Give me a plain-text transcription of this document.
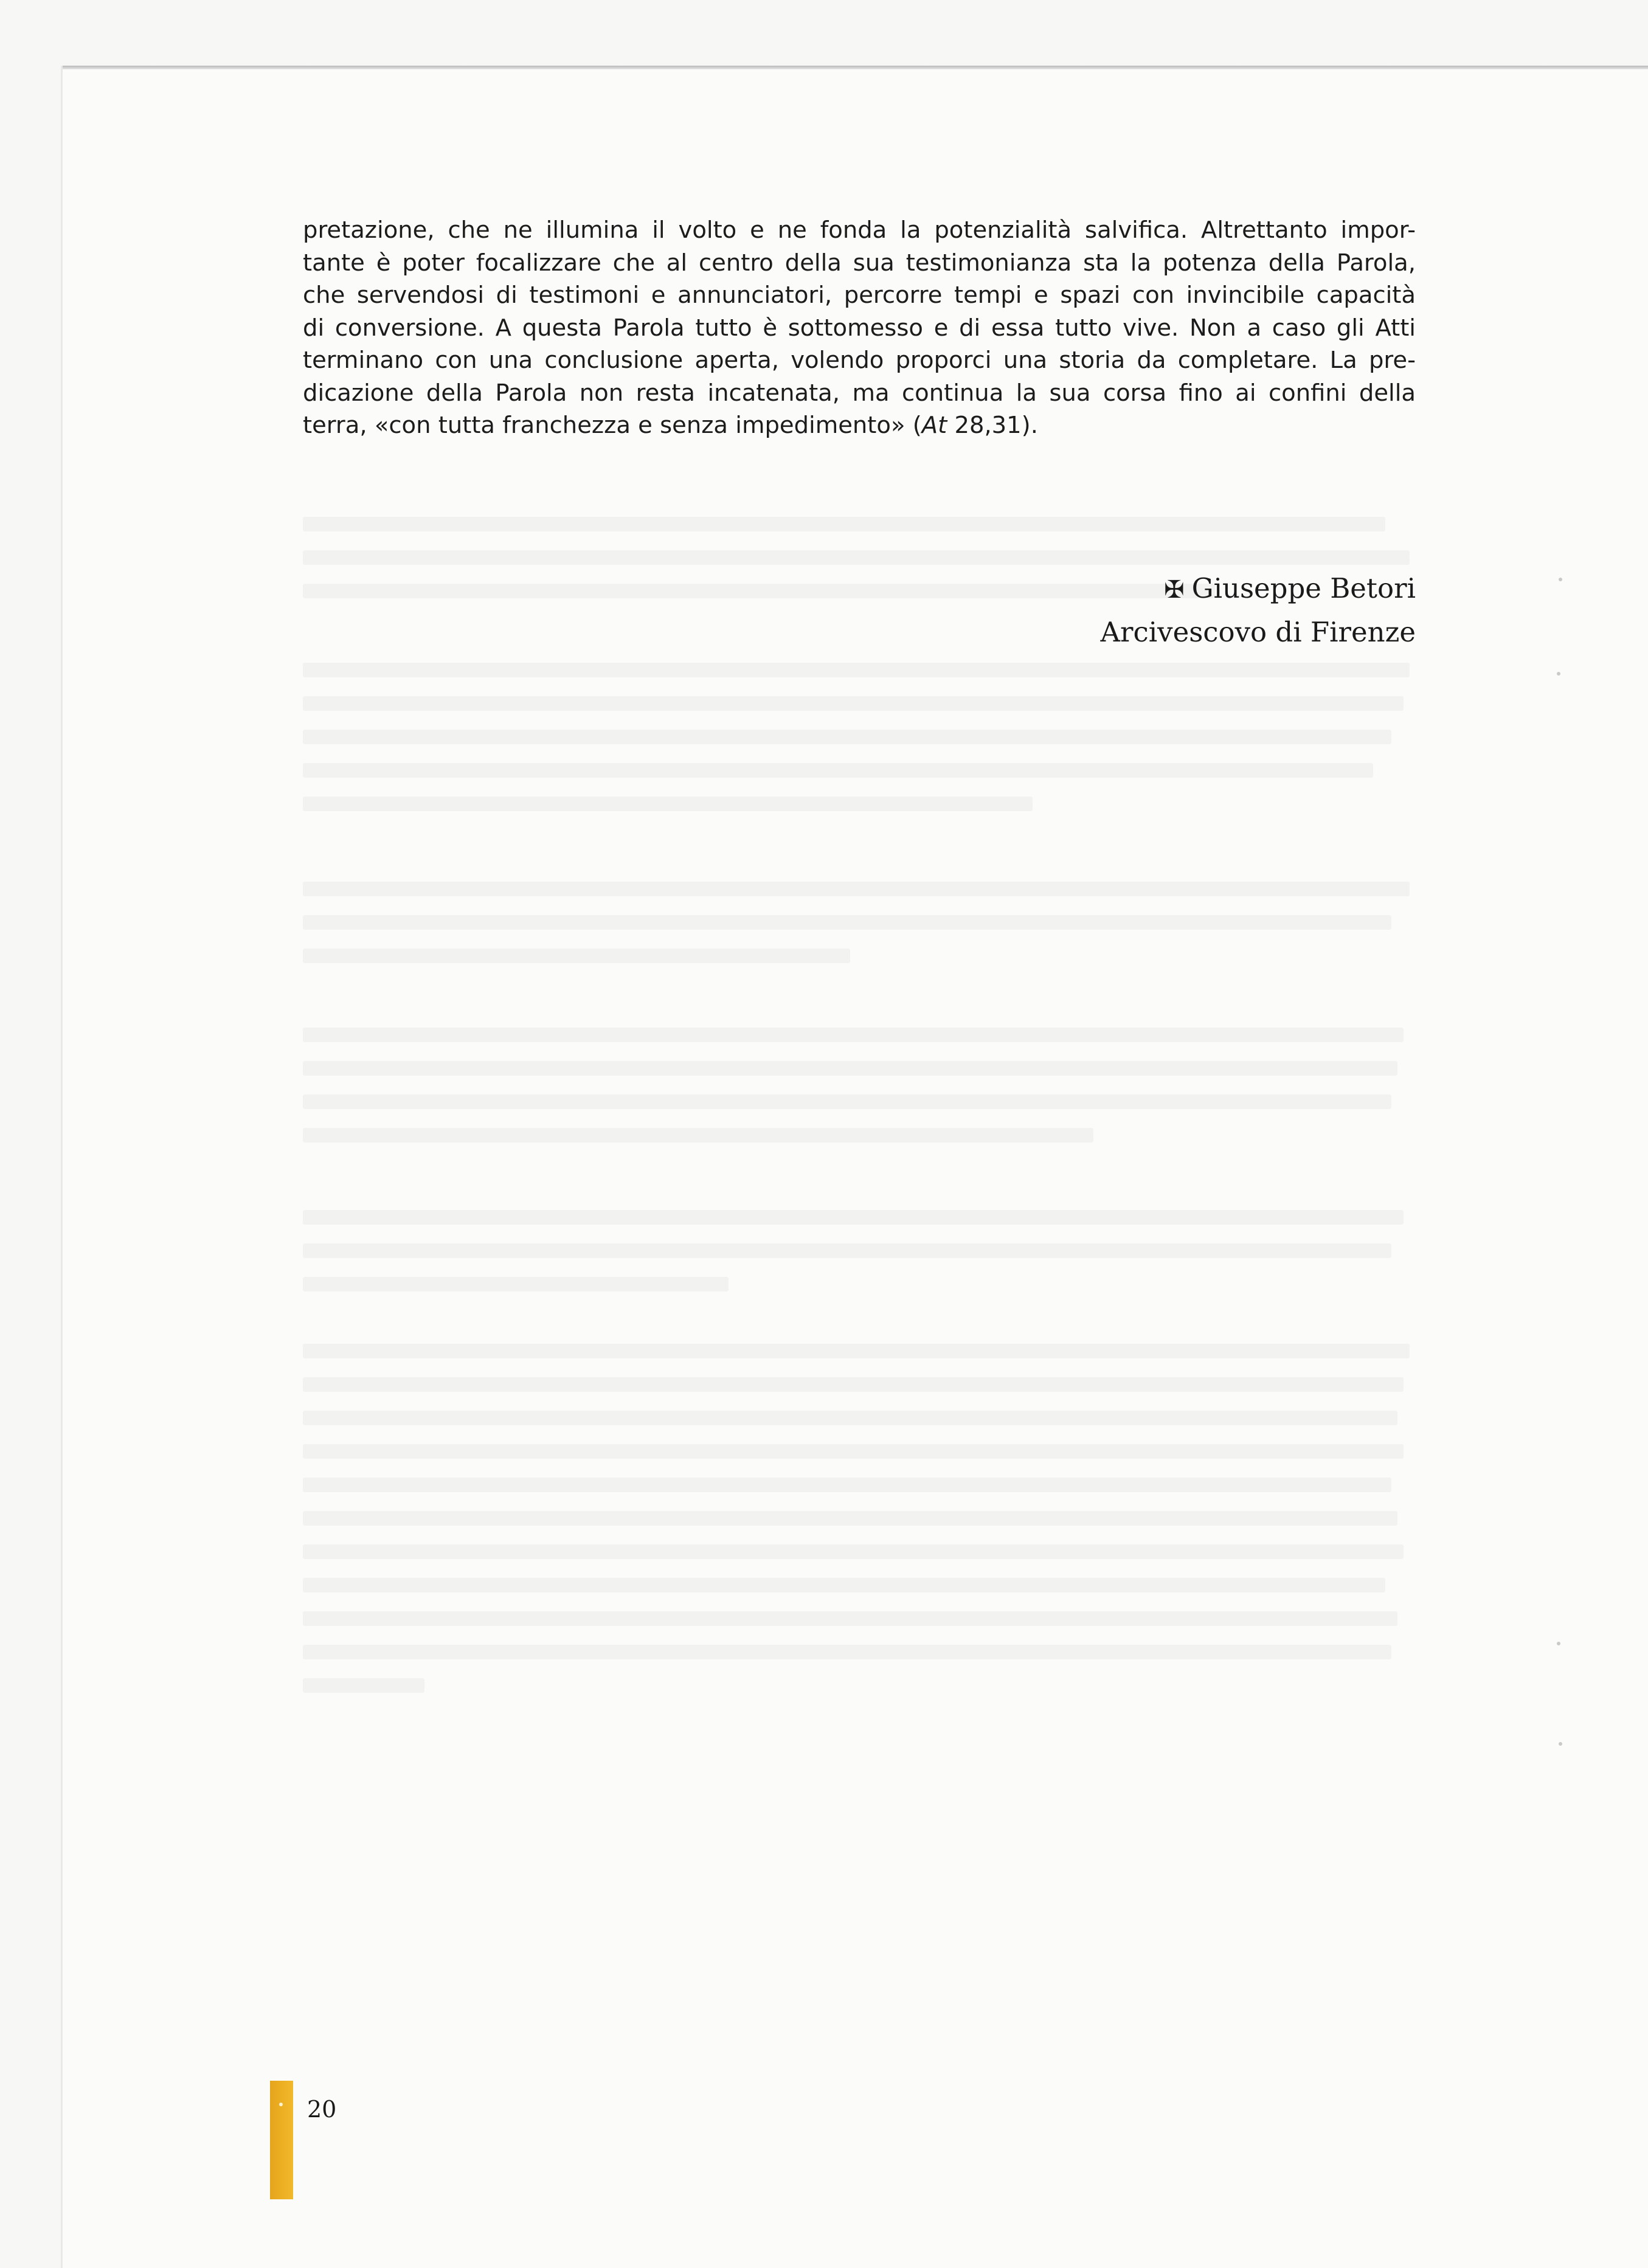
pretazione, che ne illumina il volto e ne fonda la potenzialità salvifica. Altrettanto impor-
tante è poter focalizzare che al centro della sua testimonianza sta la potenza della Parola,
che servendosi di testimoni e annunciatori, percorre tempi e spazi con invincibile capacità
di conversione. A questa Parola tutto è sottomesso e di essa tutto vive. Non a caso gli Atti
terminano con una conclusione aperta, volendo proporci una storia da completare. La pre-
dicazione della Parola non resta incatenata, ma continua la sua corsa fino ai confini della
terra, «con tutta franchezza e senza impedimento» (At 28,31).
✠ Giuseppe Betori
Arcivescovo di Firenze
20
